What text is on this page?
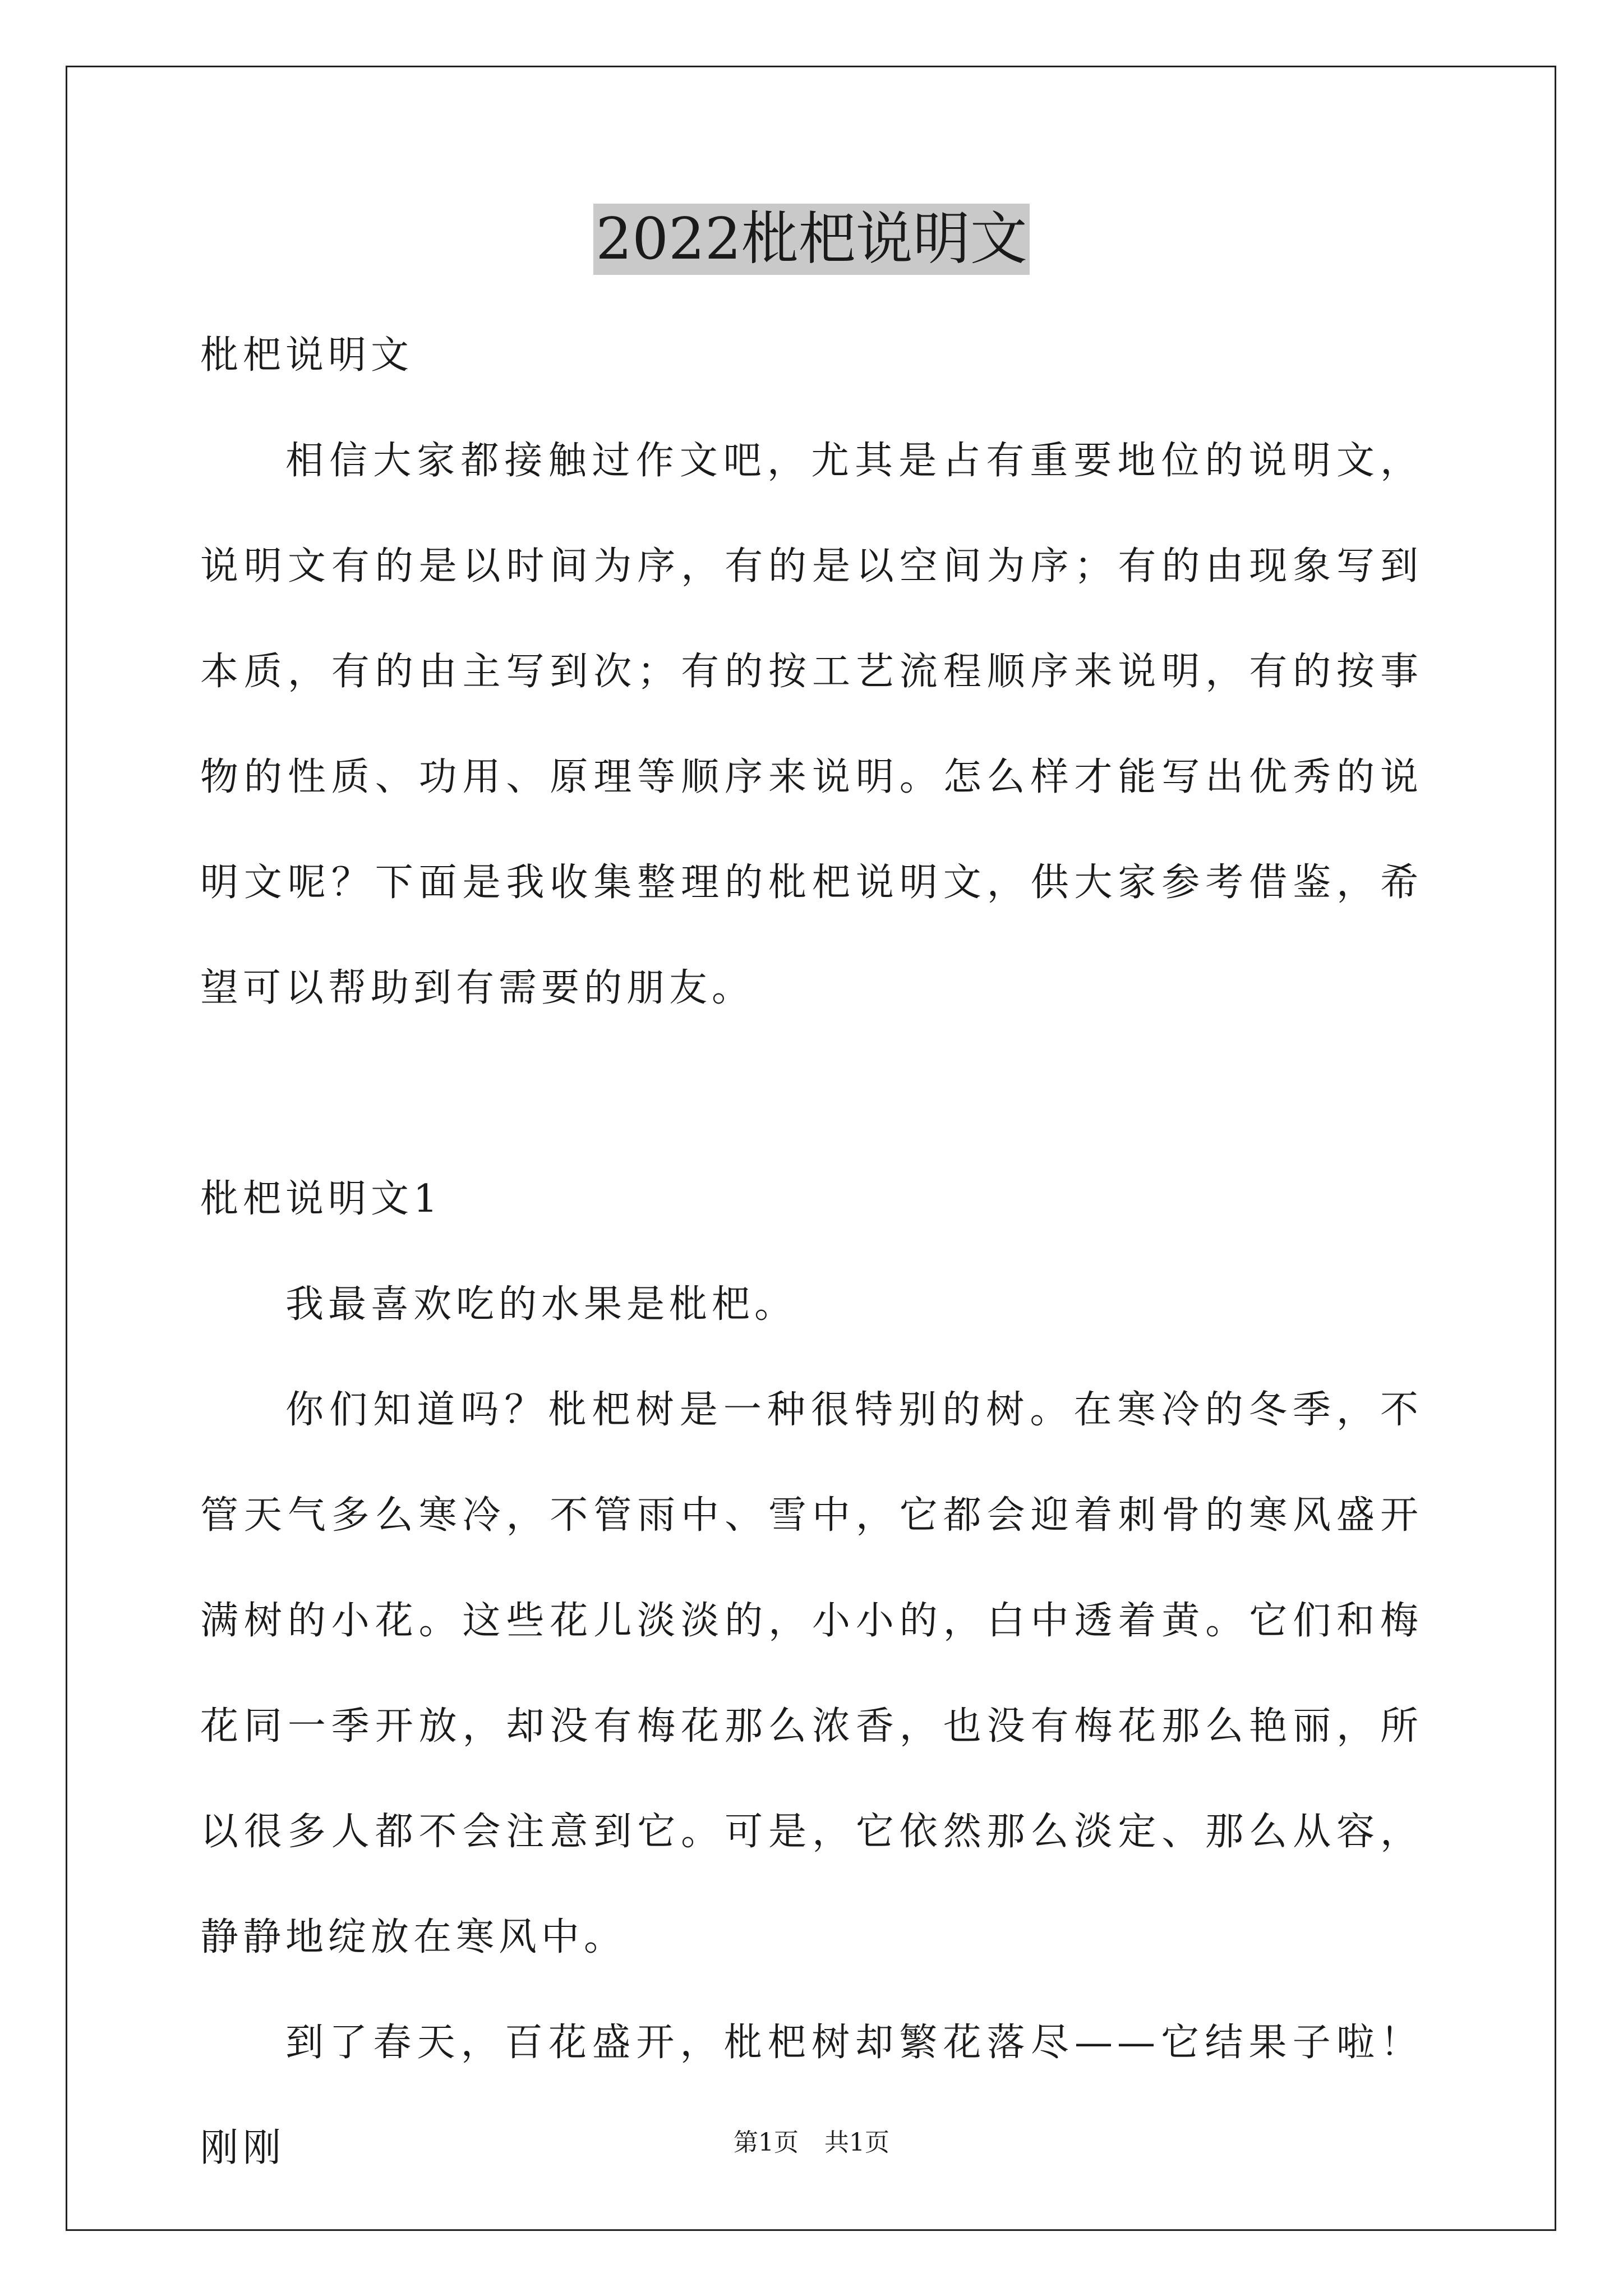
2022枇杷说明文

枇杷说明文

相信大家都接触过作文吧，尤其是占有重要地位的说明文，说明文有的是以时间为序，有的是以空间为序；有的由现象写到本质，有的由主写到次；有的按工艺流程顺序来说明，有的按事物的性质、功用、原理等顺序来说明。怎么样才能写出优秀的说明文呢？下面是我收集整理的枇杷说明文，供大家参考借鉴，希望可以帮助到有需要的朋友。

枇杷说明文1

我最喜欢吃的水果是枇杷。

你们知道吗？枇杷树是一种很特别的树。在寒冷的冬季，不管天气多么寒冷，不管雨中、雪中，它都会迎着刺骨的寒风盛开满树的小花。这些花儿淡淡的，小小的，白中透着黄。它们和梅花同一季开放，却没有梅花那么浓香，也没有梅花那么艳丽，所以很多人都不会注意到它。可是，它依然那么淡定、那么从容，静静地绽放在寒风中。

到了春天，百花盛开，枇杷树却繁花落尽——它结果子啦！刚刚	第1页 共1页
